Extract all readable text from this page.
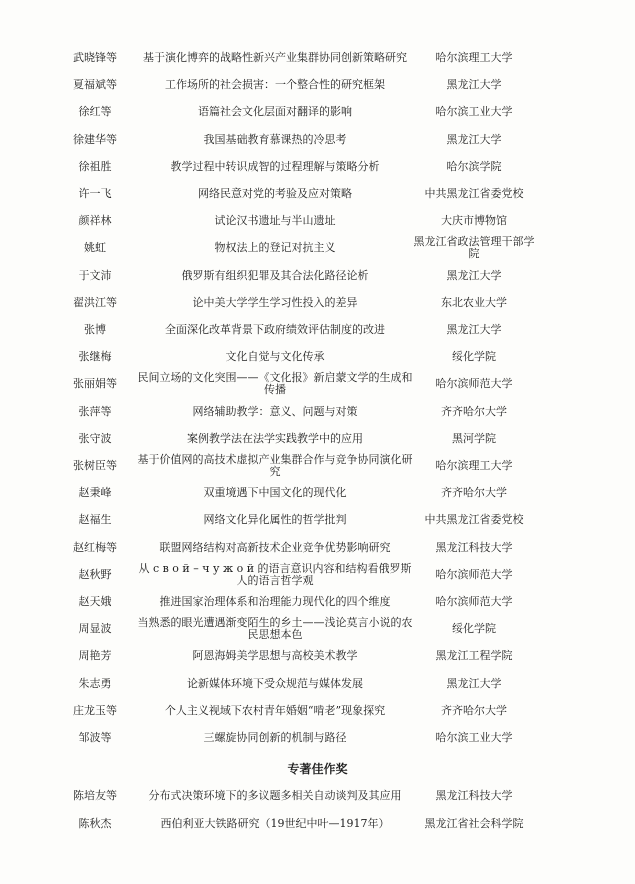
武晓锋等	基于演化博弈的战略性新兴产业集群协同创新策略研究	哈尔滨理工大学
夏福斌等	工作场所的社会损害：一个整合性的研究框架	黑龙江大学
徐红等	语篇社会文化层面对翻译的影响	哈尔滨工业大学
徐建华等	我国基础教育慕课热的冷思考	黑龙江大学
徐祖胜	教学过程中转识成智的过程理解与策略分析	哈尔滨学院
许一飞	网络民意对党的考验及应对策略	中共黑龙江省委党校
颜祥林	试论汉书遗址与半山遗址	大庆市博物馆
姚虹	物权法上的登记对抗主义	黑龙江省政法管理干部学院
于文沛	俄罗斯有组织犯罪及其合法化路径论析	黑龙江大学
翟洪江等	论中美大学学生学习性投入的差异	东北农业大学
张博	全面深化改革背景下政府绩效评估制度的改进	黑龙江大学
张继梅	文化自觉与文化传承	绥化学院
张丽娟等	民间立场的文化突围——《文化报》新启蒙文学的生成和传播	哈尔滨师范大学
张萍等	网络辅助教学：意义、问题与对策	齐齐哈尔大学
张守波	案例教学法在法学实践教学中的应用	黑河学院
张树臣等	基于价值网的高技术虚拟产业集群合作与竞争协同演化研究	哈尔滨理工大学
赵秉峰	双重境遇下中国文化的现代化	齐齐哈尔大学
赵福生	网络文化异化属性的哲学批判	中共黑龙江省委党校
赵红梅等	联盟网络结构对高新技术企业竞争优势影响研究	黑龙江科技大学
赵秋野	从 с в о й – ч у ж о й 的语言意识内容和结构看俄罗斯人的语言哲学观	哈尔滨师范大学
赵天娥	推进国家治理体系和治理能力现代化的四个维度	哈尔滨师范大学
周显波	当熟悉的眼光遭遇渐变陌生的乡土——浅论莫言小说的农民思想本色	绥化学院
周艳芳	阿恩海姆美学思想与高校美术教学	黑龙江工程学院
朱志勇	论新媒体环境下受众规范与媒体发展	黑龙江大学
庄龙玉等	个人主义视域下农村青年婚姻“啃老”现象探究	齐齐哈尔大学
邹波等	三螺旋协同创新的机制与路径	哈尔滨工业大学
专著佳作奖
陈培友等	分布式决策环境下的多议题多相关自动谈判及其应用	黑龙江科技大学
陈秋杰	西伯利亚大铁路研究（19世纪中叶—1917年）	黑龙江省社会科学院
